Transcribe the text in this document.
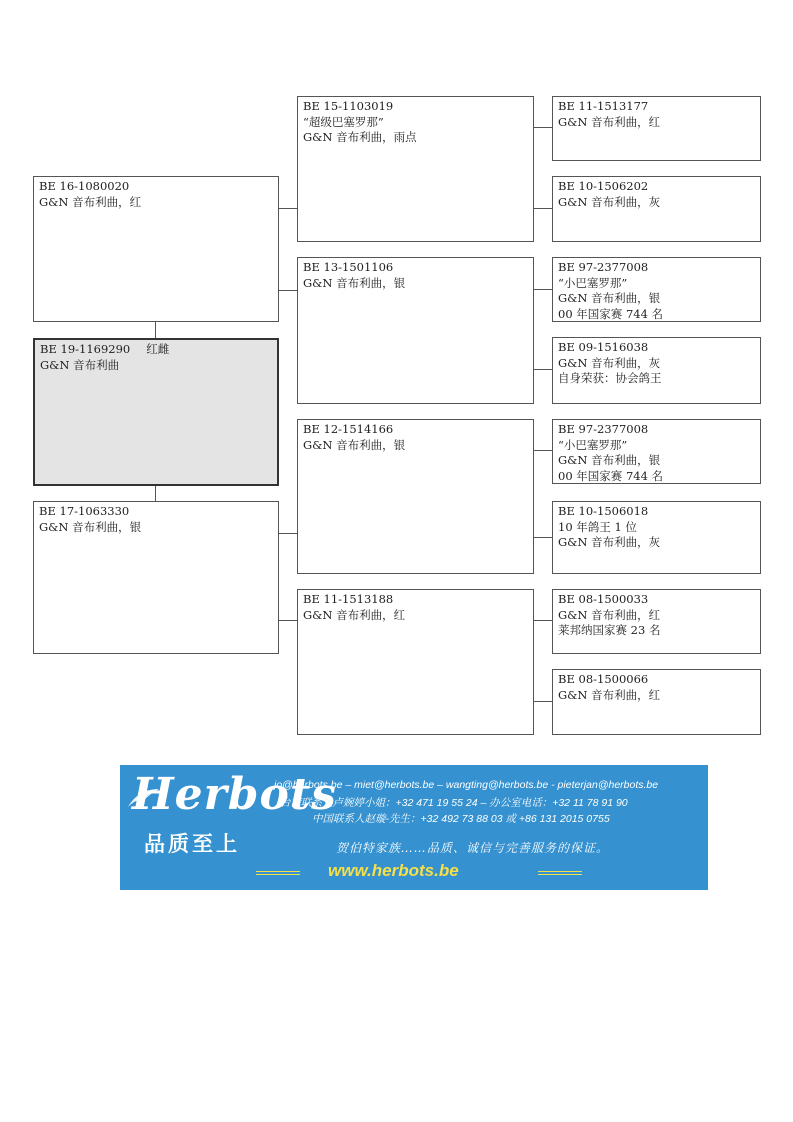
BE 16-1080020
G&N 音布利曲，红
BE 19-1169290 红雌
G&N 音布利曲
BE 17-1063330
G&N 音布利曲，银
BE 15-1103019
“超级巴塞罗那”
G&N 音布利曲，雨点
BE 13-1501106
G&N 音布利曲，银
BE 12-1514166
G&N 音布利曲，银
BE 11-1513188
G&N 音布利曲，红
BE 11-1513177
G&N 音布利曲，红
BE 10-1506202
G&N 音布利曲，灰
BE 97-2377008
“小巴塞罗那”
G&N 音布利曲，银
00 年国家赛 744 名
BE 09-1516038
G&N 音布利曲，灰
自身荣获：协会鸽王
BE 97-2377008
“小巴塞罗那”
G&N 音布利曲，银
00 年国家赛 744 名
BE 10-1506018
10 年鸽王 1 位
G&N 音布利曲，灰
BE 08-1500033
G&N 音布利曲，红
莱邦纳国家赛 23 名
BE 08-1500066
G&N 音布利曲，红
Herbots
品质至上
jo@herbots.be – miet@herbots.be – wangting@herbots.be - pieterjan@herbots.be
台湾联系人卢婉婷小姐：+32 471 19 55 24 – 办公室电话：+32 11 78 91 90
中国联系人赵璇-先生：+32 492 73 88 03 或 +86 131 2015 0755
贺伯特家族……品质、诚信与完善服务的保证。
www.herbots.be
